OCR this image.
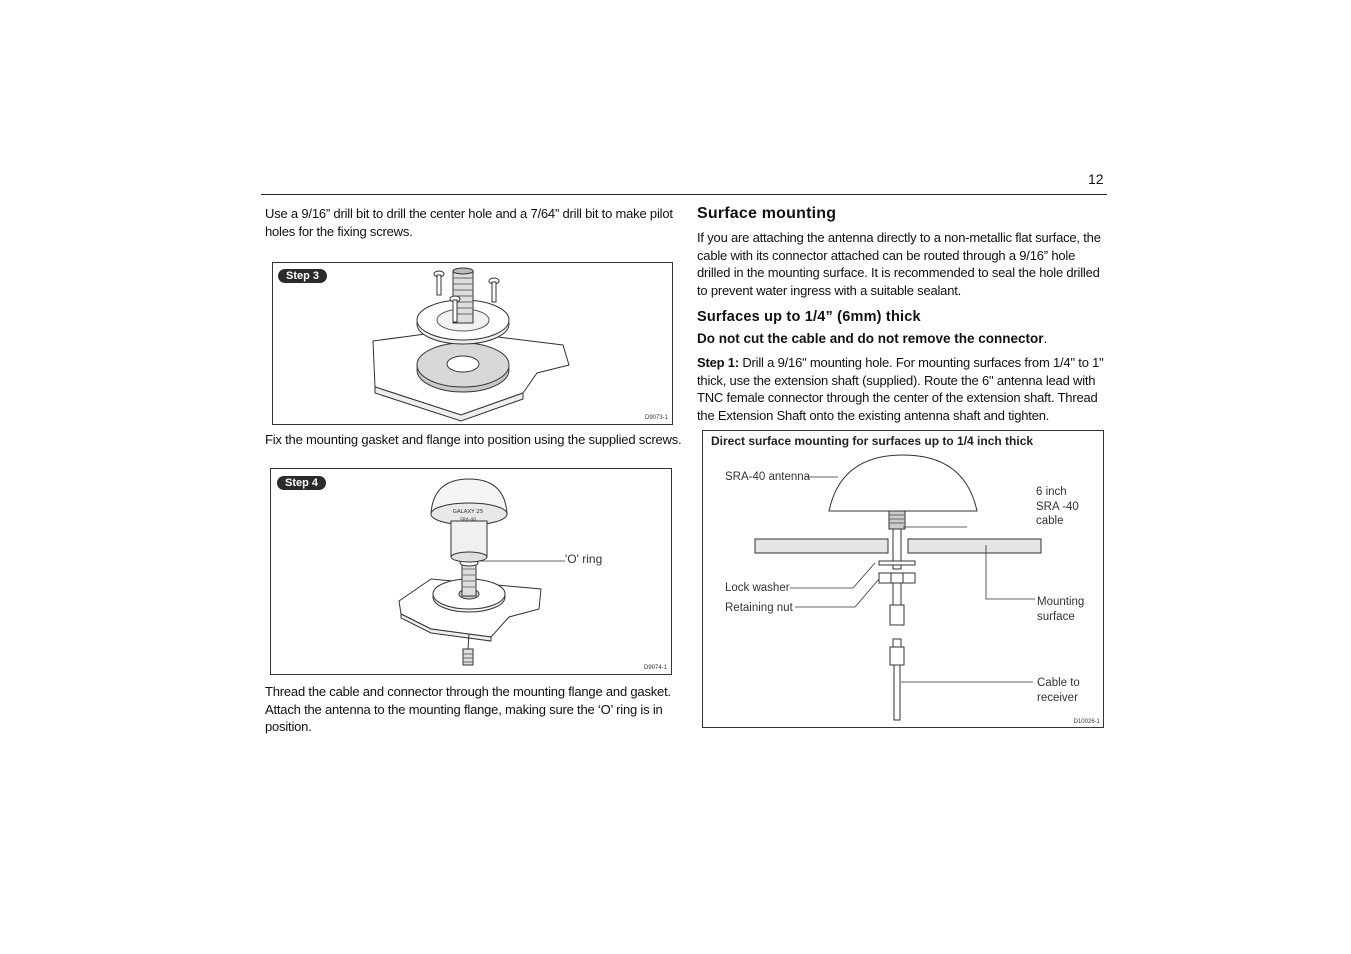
12
Use a 9/16” drill bit to drill the center hole and a 7/64” drill bit to make pilot holes for the fixing screws.
Step 3
D9073-1
Fix the mounting gasket and flange into position using the supplied screws.
Step 4
GALAXY 25
SRA-40
'O' ring
D9074-1
Thread the cable and connector through the mounting flange and gasket. Attach the antenna to the mounting flange, making sure the ‘O’ ring is in position.
Surface mounting
If you are attaching the antenna directly to a non-metallic flat surface, the cable with its connector attached can be routed through a 9/16” hole drilled in the mounting surface. It is recommended to seal the hole drilled to prevent water ingress with a suitable sealant.
Surfaces up to 1/4” (6mm) thick
Do not cut the cable and do not remove the connector.
Step 1: Drill a 9/16" mounting hole. For mounting surfaces from 1/4" to 1" thick, use the extension shaft (supplied). Route the 6" antenna lead with TNC female connector through the center of the extension shaft. Thread the Extension Shaft onto the existing antenna shaft and tighten.
Direct surface mounting for surfaces up to 1/4 inch thick
SRA-40 antenna
6 inch
SRA -40
cable
Lock washer
Retaining nut	Mounting
surface
Cable to
receiver
D10026-1
